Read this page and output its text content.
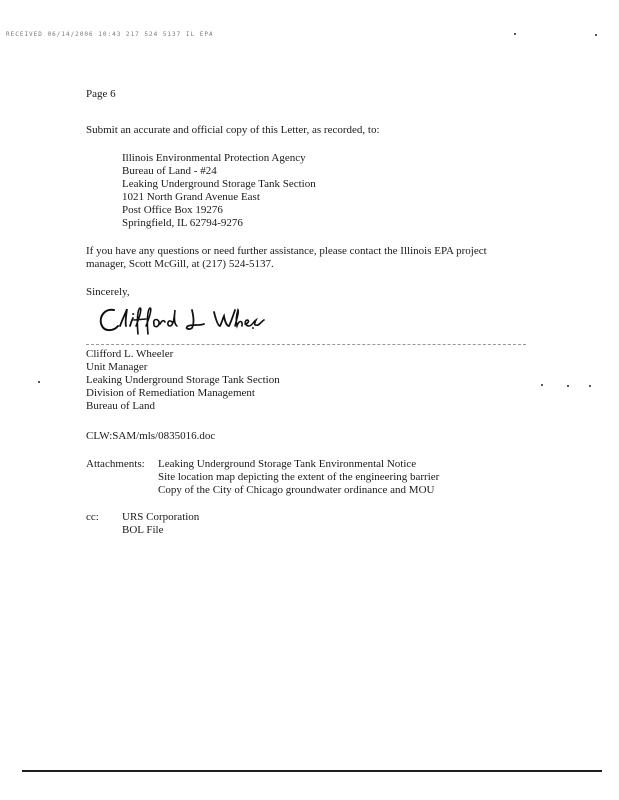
RECEIVED 06/14/2006 10:43 217 524 5137 IL EPA
Page 6
Submit an accurate and official copy of this Letter, as recorded, to:
Illinois Environmental Protection Agency
Bureau of Land - #24
Leaking Underground Storage Tank Section
1021 North Grand Avenue East
Post Office Box 19276
Springfield, IL 62794-9276
If you have any questions or need further assistance, please contact the Illinois EPA project
manager, Scott McGill, at (217) 524-5137.
Sincerely,
Clifford L. Wheeler
Unit Manager
Leaking Underground Storage Tank Section
Division of Remediation Management
Bureau of Land
CLW:SAM/mls/0835016.doc
Attachments: Leaking Underground Storage Tank Environmental Notice
Site location map depicting the extent of the engineering barrier
Copy of the City of Chicago groundwater ordinance and MOU
cc: URS Corporation
BOL File
